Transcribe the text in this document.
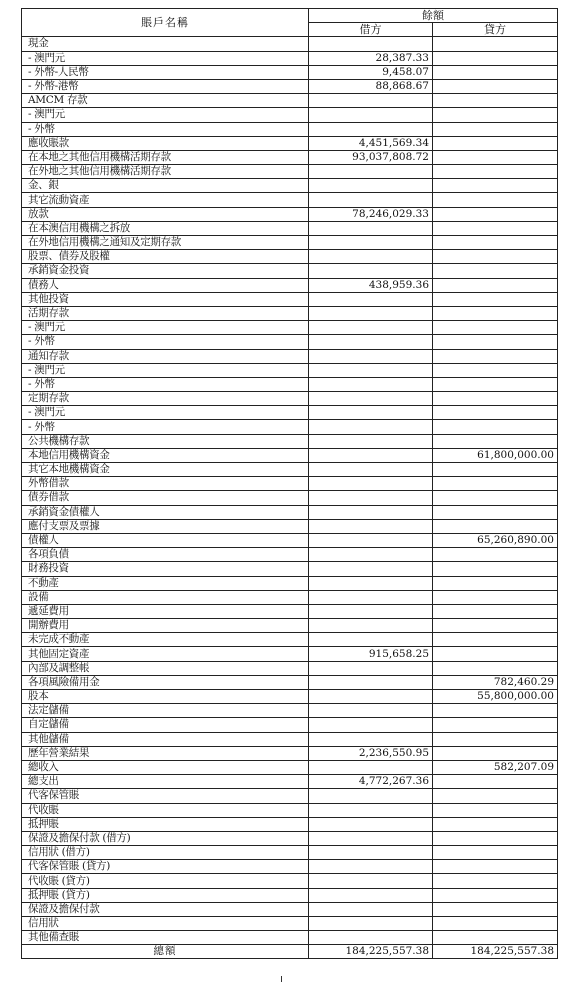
賬戶名稱	餘額	
	借方	貸方
現金		
- 澳門元	28,387.33	
- 外幣-人民幣	9,458.07	
- 外幣-港幣	88,868.67	
AMCM 存款		
- 澳門元		
- 外幣		
應收賬款	4,451,569.34	
在本地之其他信用機構活期存款	93,037,808.72	
在外地之其他信用機構活期存款		
金、銀		
其它流動資產		
放款	78,246,029.33	
在本澳信用機構之拆放		
在外地信用機構之通知及定期存款		
股票、債券及股權		
承銷資金投資		
債務人	438,959.36	
其他投資		
活期存款		
- 澳門元		
- 外幣		
通知存款		
- 澳門元		
- 外幣		
定期存款		
- 澳門元		
- 外幣		
公共機構存款		
本地信用機構資金		61,800,000.00
其它本地機構資金		
外幣借款		
債券借款		
承銷資金債權人		
應付支票及票據		
債權人		65,260,890.00
各項負債		
財務投資		
不動產		
設備		
遞延費用		
開辦費用		
未完成不動產		
其他固定資產	915,658.25	
內部及調整帳		
各項風險備用金		782,460.29
股本		55,800,000.00
法定儲備		
自定儲備		
其他儲備		
歷年營業結果	2,236,550.95	
總收入		582,207.09
總支出	4,772,267.36	
代客保管賬		
代收賬		
抵押賬		
保證及擔保付款 (借方)		
信用狀 (借方)		
代客保管賬 (貸方)		
代收賬 (貸方)		
抵押賬 (貸方)		
保證及擔保付款		
信用狀		
其他備查賬		
總額	184,225,557.38	184,225,557.38
